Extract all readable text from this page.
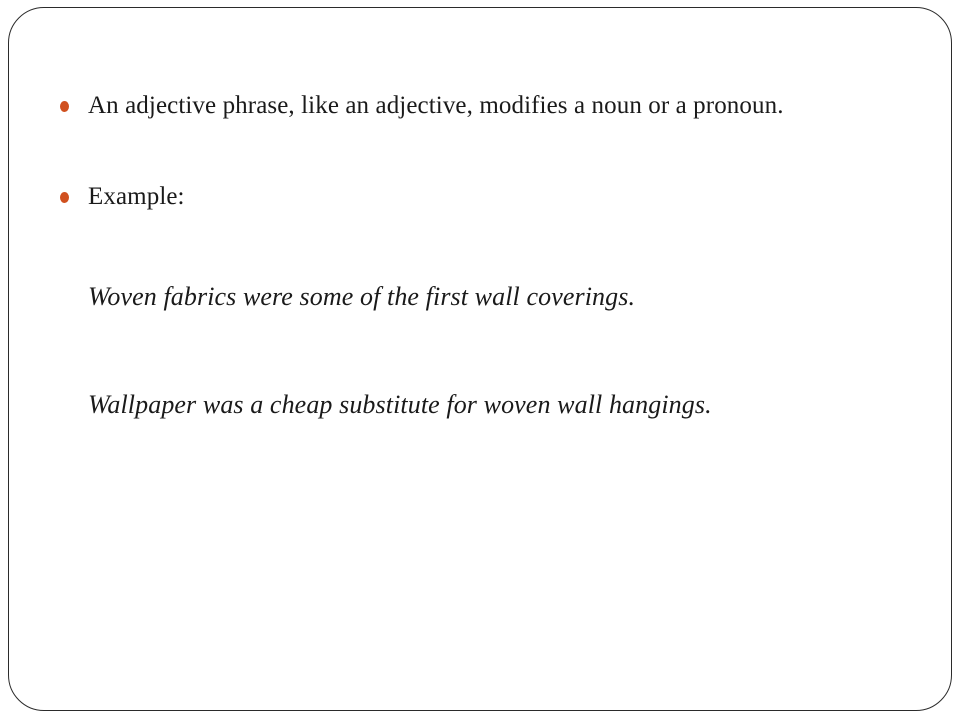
An adjective phrase, like an adjective, modifies a noun or a pronoun.
Example:
Woven fabrics were some of the first wall coverings.
Wallpaper was a cheap substitute for woven wall hangings.
